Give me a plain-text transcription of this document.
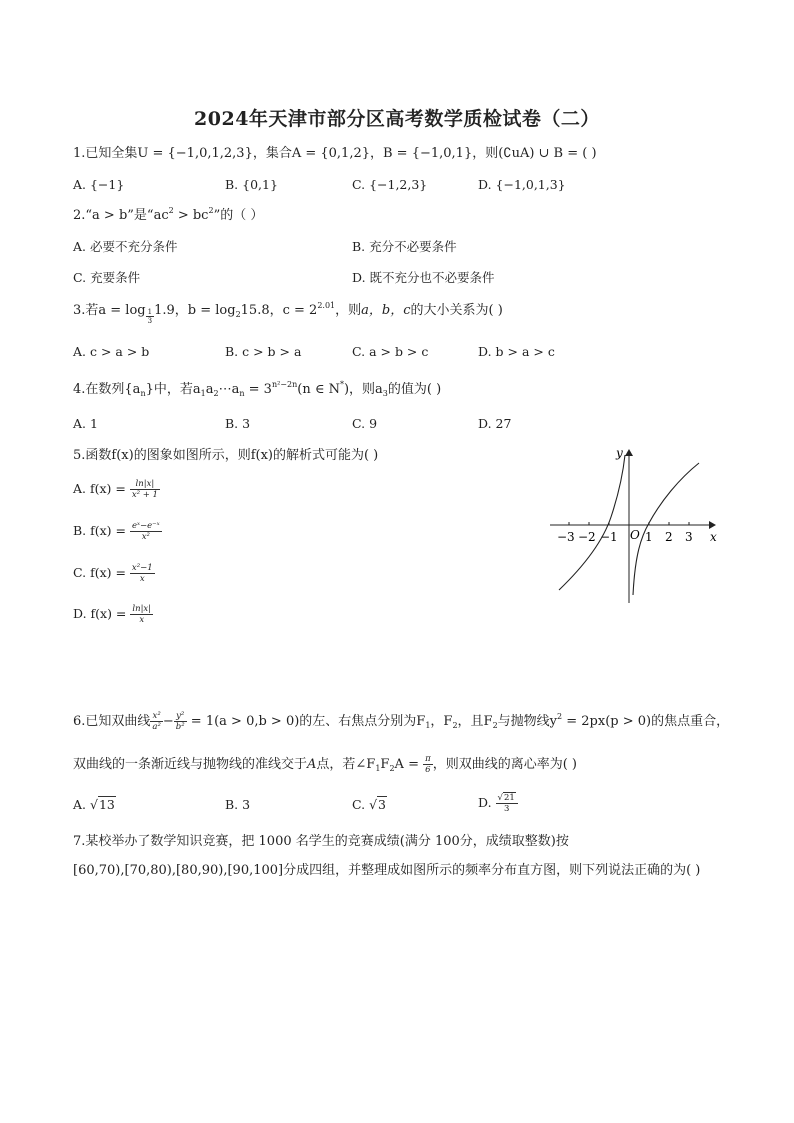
2024年天津市部分区高考数学质检试卷（二）
1.已知全集U = {−1,0,1,2,3}，集合A = {0,1,2}，B = {−1,0,1}，则(∁uA) ∪ B = ( )
A. {−1}	B. {0,1}	C. {−1,2,3}	D. {−1,0,1,3}
2.“a > b”是“$ac^2 > bc^2$”的（ ）
A. 必要不充分条件	B. 充分不必要条件
C. 充要条件	D. 既不充分也不必要条件
3.若$a = \log \frac{1}{3} 1.9$，$b = \log_215.8$，$c = 2^{2.01}$，则a，b，c的大小关系为( )
A. c > a > b	B. c > b > a	C. a > b > c	D. b > a > c
4.在数列$\{a_n\}$中，若$a_1a_2\cdots a_n = 3^{n^2-2n}(n$ ∈ N*)，则$a_3$的值为( )
A. 1	B. 3	C. 9	D. 27
5.函数f(x)的图象如图所示，则f(x)的解析式可能为( )
A. $f(x) = \frac{\ln|x|}{\text{x² + 1}}$
B. $f(x) = \frac{\text{eˣ−e⁻ˣ}}{\text{x²}}$
C. $f(x) = \frac{\text{x²−1}}{x}$
D. $f(x) = \frac{\ln|x|}{x}$
−3 −2 −1 O 1 2 3 x
y
6.已知双曲线 $\frac{\text{x²}}{\text{a²}} - \frac{\text{y²}}{\text{b²}} = 1(a > 0,b > 0)$的左、右焦点分别为$F_1$，$F_2$，且$F_2$与抛物线$y^2 = 2px(p > 0)$的焦点重合，
双曲线的一条渐近线与抛物线的准线交于A点，若$\angle F_1F_2A = \frac{\pi}{6}$ ，则双曲线的离心率为( )
A. √13	B. 3	C. √3	D. $\frac{√21}{3}$
7.某校举办了数学知识竞赛，把 1000 名学生的竞赛成绩(满分 100分，成绩取整数)按
[60,70),[70,80),[80,90),[90,100]分成四组，并整理成如图所示的频率分布直方图，则下列说法正确的为( )
